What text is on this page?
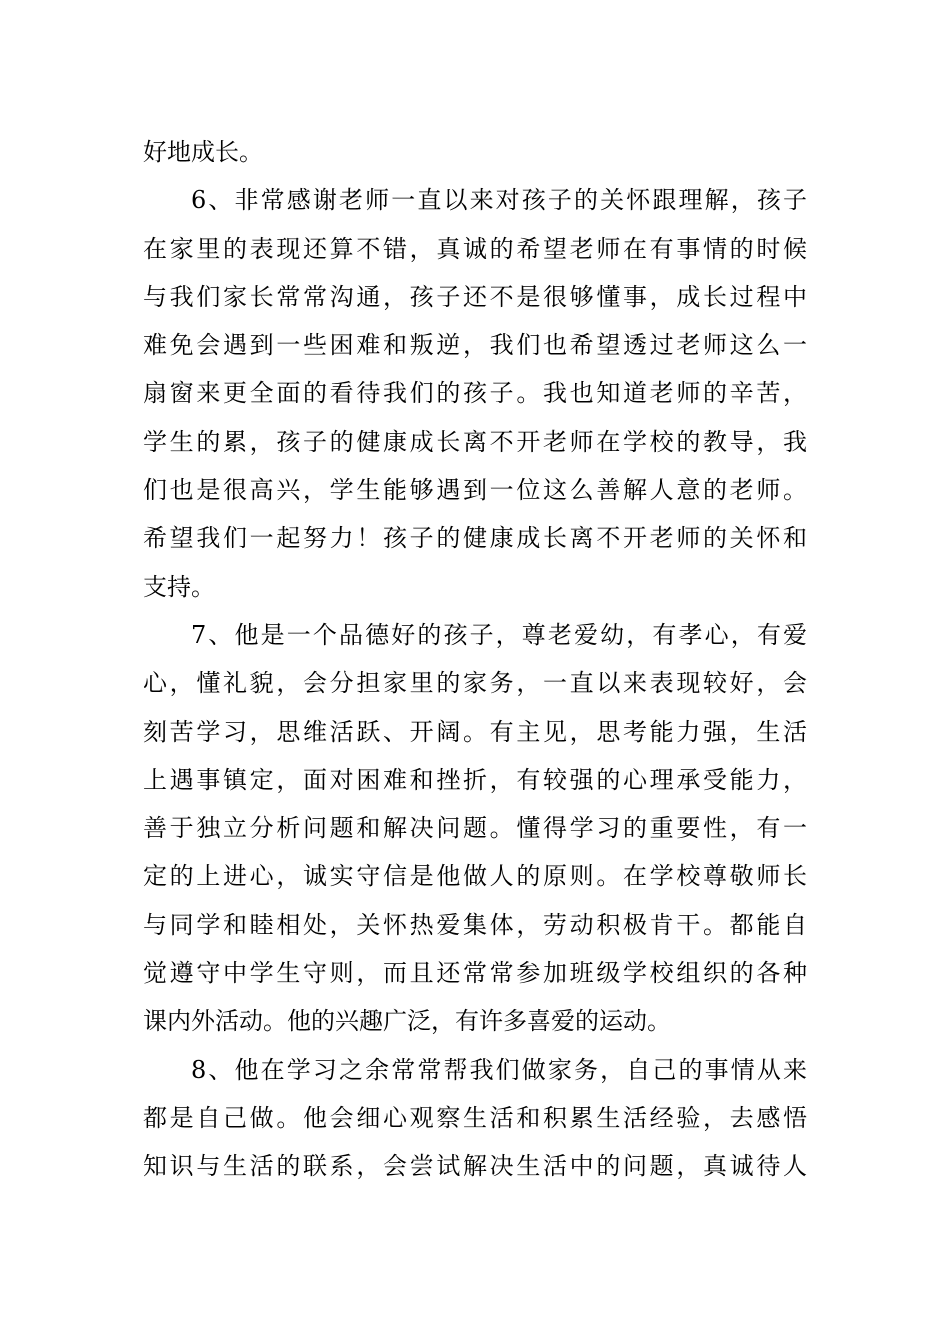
好地成长。
6、非常感谢老师一直以来对孩子的关怀跟理解，孩子
在家里的表现还算不错，真诚的希望老师在有事情的时候
与我们家长常常沟通，孩子还不是很够懂事，成长过程中
难免会遇到一些困难和叛逆，我们也希望透过老师这么一
扇窗来更全面的看待我们的孩子。我也知道老师的辛苦，
学生的累，孩子的健康成长离不开老师在学校的教导，我
们也是很高兴，学生能够遇到一位这么善解人意的老师。
希望我们一起努力！孩子的健康成长离不开老师的关怀和
支持。
7、他是一个品德好的孩子，尊老爱幼，有孝心，有爱
心，懂礼貌，会分担家里的家务，一直以来表现较好，会
刻苦学习，思维活跃、开阔。有主见，思考能力强，生活
上遇事镇定，面对困难和挫折，有较强的心理承受能力，
善于独立分析问题和解决问题。懂得学习的重要性，有一
定的上进心，诚实守信是他做人的原则。在学校尊敬师长
与同学和睦相处，关怀热爱集体，劳动积极肯干。都能自
觉遵守中学生守则，而且还常常参加班级学校组织的各种
课内外活动。他的兴趣广泛，有许多喜爱的运动。
8、他在学习之余常常帮我们做家务，自己的事情从来
都是自己做。他会细心观察生活和积累生活经验，去感悟
知识与生活的联系，会尝试解决生活中的问题，真诚待人
